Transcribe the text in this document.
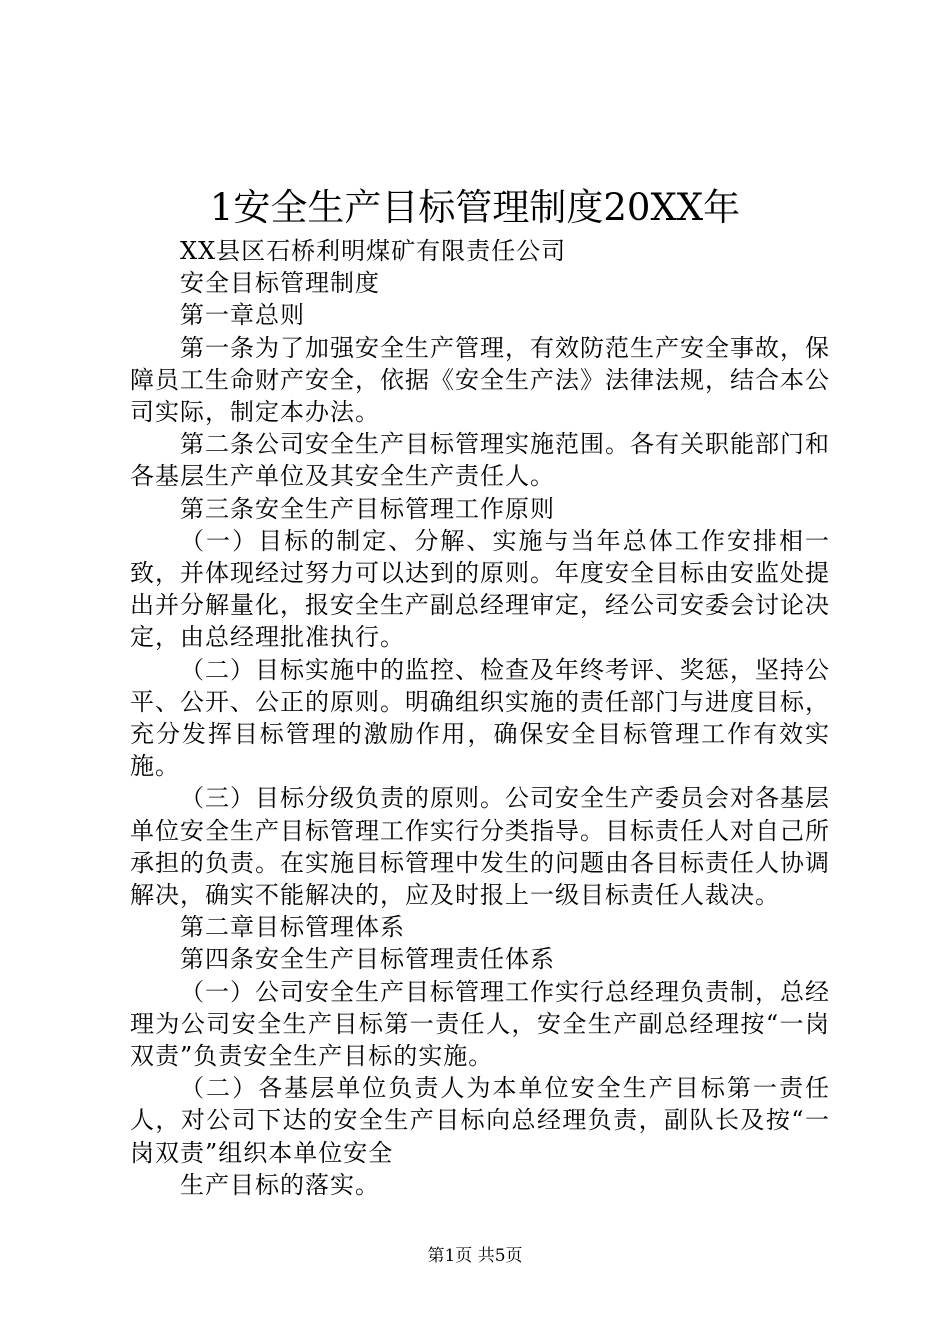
1安全生产目标管理制度20XX年

XX县区石桥利明煤矿有限责任公司

安全目标管理制度

第一章总则

第一条为了加强安全生产管理，有效防范生产安全事故，保障员工生命财产安全，依据《安全生产法》法律法规，结合本公司实际，制定本办法。

第二条公司安全生产目标管理实施范围。各有关职能部门和各基层生产单位及其安全生产责任人。

第三条安全生产目标管理工作原则

（一）目标的制定、分解、实施与当年总体工作安排相一致，并体现经过努力可以达到的原则。年度安全目标由安监处提出并分解量化，报安全生产副总经理审定，经公司安委会讨论决定，由总经理批准执行。

（二）目标实施中的监控、检查及年终考评、奖惩，坚持公平、公开、公正的原则。明确组织实施的责任部门与进度目标，充分发挥目标管理的激励作用，确保安全目标管理工作有效实施。

（三）目标分级负责的原则。公司安全生产委员会对各基层单位安全生产目标管理工作实行分类指导。目标责任人对自己所承担的负责。在实施目标管理中发生的问题由各目标责任人协调解决，确实不能解决的，应及时报上一级目标责任人裁决。

第二章目标管理体系

第四条安全生产目标管理责任体系

（一）公司安全生产目标管理工作实行总经理负责制，总经理为公司安全生产目标第一责任人，安全生产副总经理按“一岗双责”负责安全生产目标的实施。

（二）各基层单位负责人为本单位安全生产目标第一责任人，对公司下达的安全生产目标向总经理负责，副队长及按“一岗双责”组织本单位安全

生产目标的落实。

第1页 共5页
